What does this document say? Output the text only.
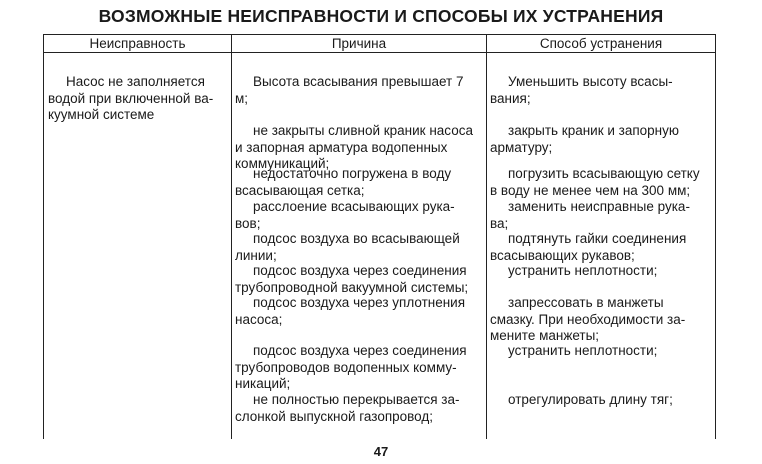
ВОЗМОЖНЫЕ НЕИСПРАВНОСТИ И СПОСОБЫ ИХ УСТРАНЕНИЯ
Неисправность	Причина	Способ устранения
Насос не заполняется
водой при включенной ва-
куумной системе
Высота всасывания превышает 7
м;
не закрыты сливной краник насоса
и запорная арматура водопенных
коммуникаций;
недостаточно погружена в воду
всасывающая сетка;
расслоение всасывающих рука-
вов;
подсос воздуха во всасывающей
линии;
подсос воздуха через соединения
трубопроводной вакуумной системы;
подсос воздуха через уплотнения
насоса;
подсос воздуха через соединения
трубопроводов водопенных комму-
никаций;
не полностью перекрывается за-
слонкой выпускной газопровод;
Уменьшить высоту всасы-
вания;
закрыть краник и запорную
арматуру;
погрузить всасывающую сетку
в воду не менее чем на 300 мм;
заменить неисправные рука-
ва;
подтянуть гайки соединения
всасывающих рукавов;
устранить неплотности;
запрессовать в манжеты
смазку. При необходимости за-
мените манжеты;
устранить неплотности;
отрегулировать длину тяг;
47
